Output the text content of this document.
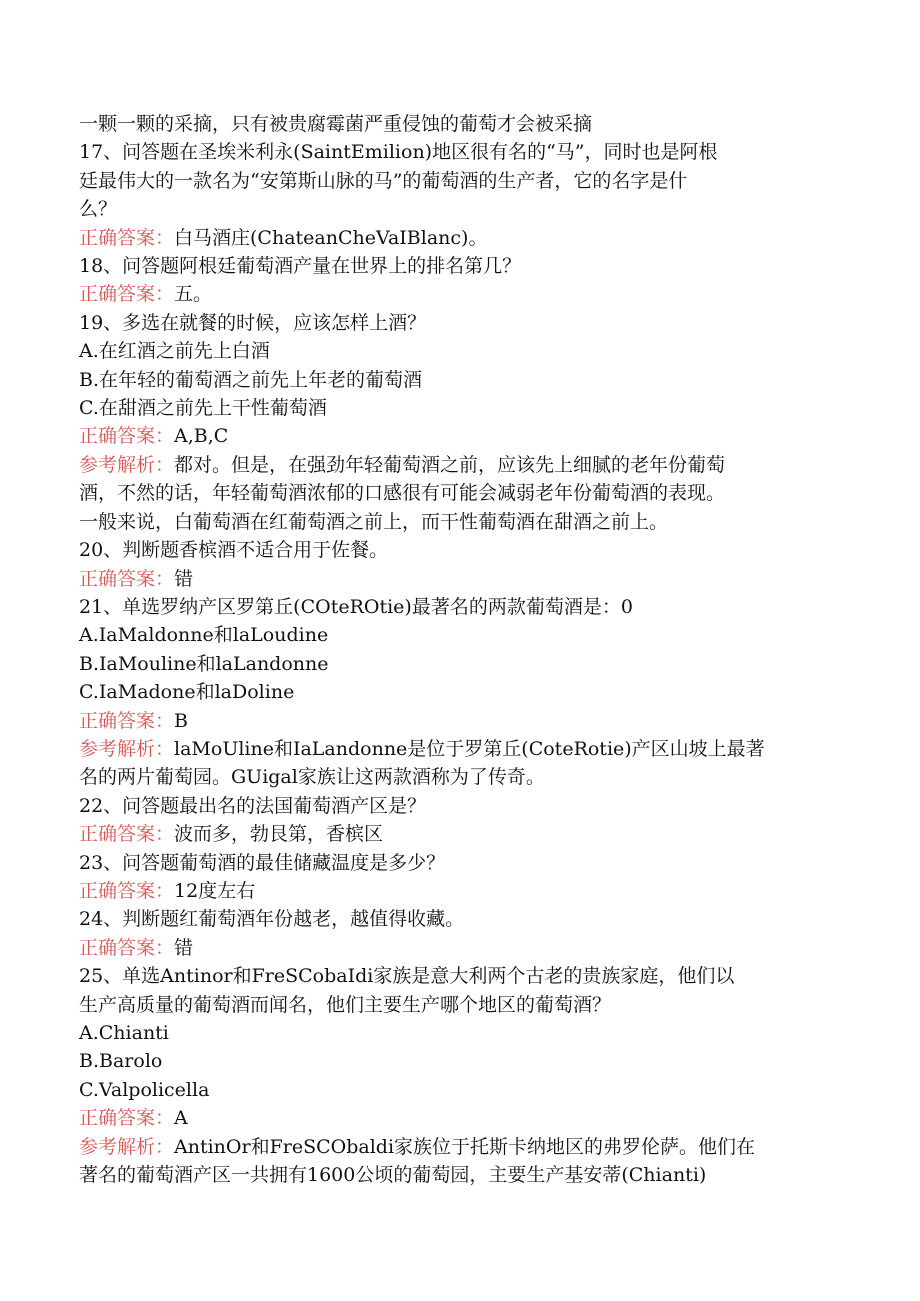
一颗一颗的采摘，只有被贵腐霉菌严重侵蚀的葡萄才会被采摘
17、问答题在圣埃米利永(SaintEmilion)地区很有名的“马”，同时也是阿根
廷最伟大的一款名为“安第斯山脉的马”的葡萄酒的生产者，它的名字是什
么？
正确答案：白马酒庄(ChateanCheVaIBlanc)。
18、问答题阿根廷葡萄酒产量在世界上的排名第几？
正确答案：五。
19、多选在就餐的时候，应该怎样上酒？
A.在红酒之前先上白酒
B.在年轻的葡萄酒之前先上年老的葡萄酒
C.在甜酒之前先上干性葡萄酒
正确答案：A,B,C
参考解析：都对。但是，在强劲年轻葡萄酒之前，应该先上细腻的老年份葡萄
酒，不然的话，年轻葡萄酒浓郁的口感很有可能会减弱老年份葡萄酒的表现。
一般来说，白葡萄酒在红葡萄酒之前上，而干性葡萄酒在甜酒之前上。
20、判断题香槟酒不适合用于佐餐。
正确答案：错
21、单选罗纳产区罗第丘(COteROtie)最著名的两款葡萄酒是：0
A.IaMaldonne和laLoudine
B.IaMouline和laLandonne
C.IaMadone和laDoline
正确答案：B
参考解析：laMoUline和IaLandonne是位于罗第丘(CoteRotie)产区山坡上最著
名的两片葡萄园。GUigal家族让这两款酒称为了传奇。
22、问答题最出名的法国葡萄酒产区是？
正确答案：波而多，勃艮第，香槟区
23、问答题葡萄酒的最佳储藏温度是多少？
正确答案：12度左右
24、判断题红葡萄酒年份越老，越值得收藏。
正确答案：错
25、单选Antinor和FreSCobaIdi家族是意大利两个古老的贵族家庭，他们以
生产高质量的葡萄酒而闻名，他们主要生产哪个地区的葡萄酒？
A.Chianti
B.Barolo
C.Valpolicella
正确答案：A
参考解析：AntinOr和FreSCObaldi家族位于托斯卡纳地区的弗罗伦萨。他们在
著名的葡萄酒产区一共拥有1600公顷的葡萄园，主要生产基安蒂(Chianti)
